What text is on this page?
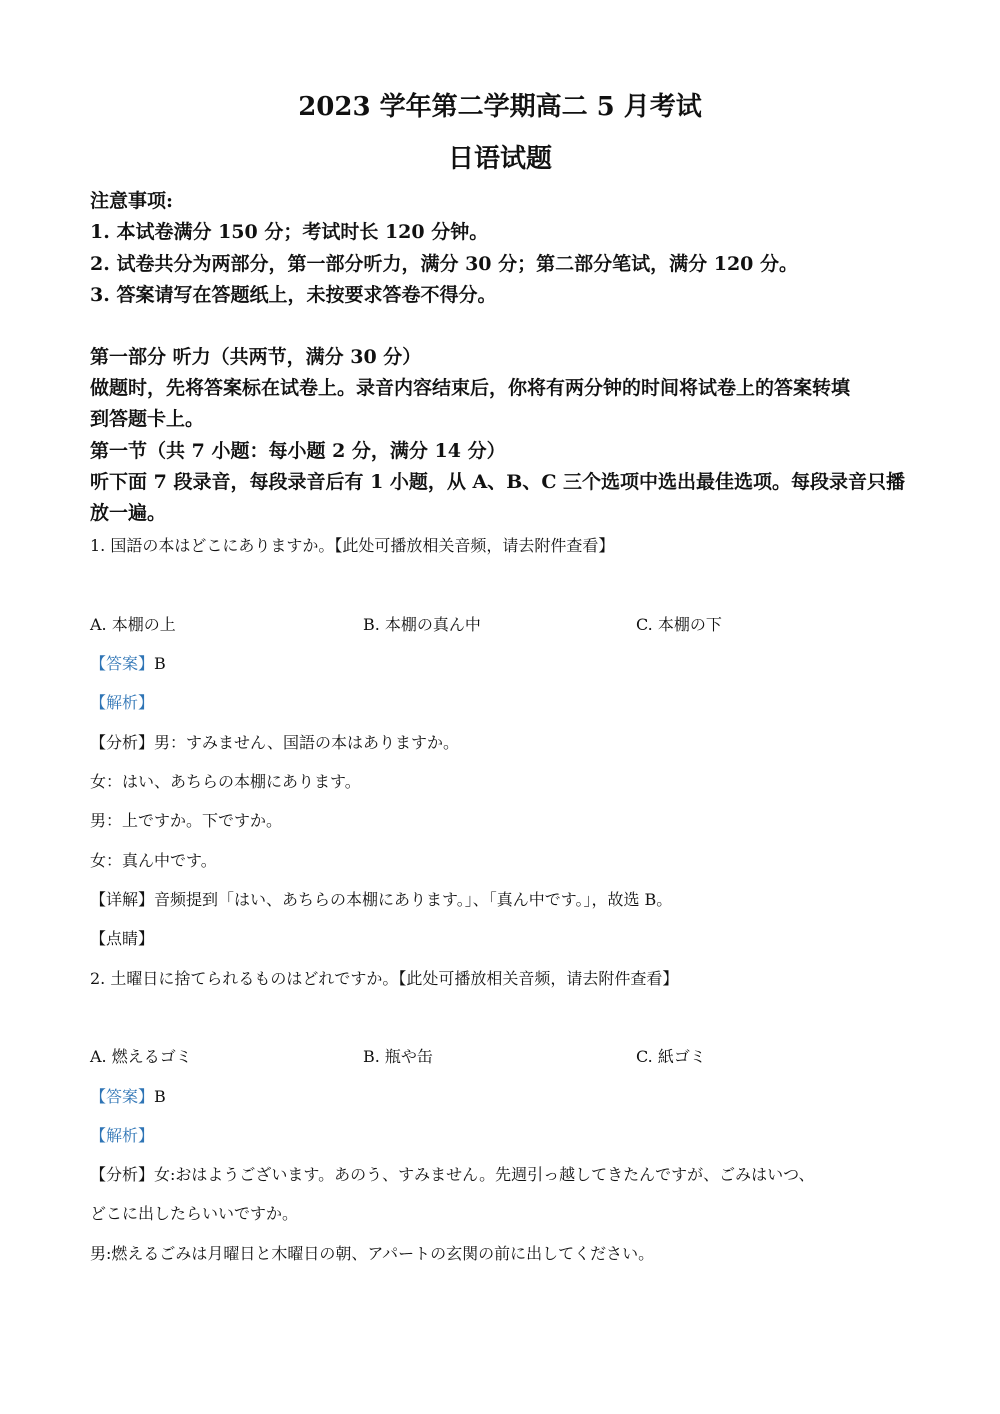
2023 学年第二学期高二 5 月考试
日语试题
注意事项:
1. 本试卷满分 150 分；考试时长 120 分钟。
2. 试卷共分为两部分，第一部分听力，满分 30 分；第二部分笔试，满分 120 分。
3. 答案请写在答题纸上，未按要求答卷不得分。
第一部分 听力（共两节，满分 30 分）
做题时，先将答案标在试卷上。录音内容结束后，你将有两分钟的时间将试卷上的答案转填
到答题卡上。
第一节（共 7 小题：每小题 2 分，满分 14 分）
听下面 7 段录音，每段录音后有 1 小题，从 A、B、C 三个选项中选出最佳选项。每段录音只播
放一遍。
1. 国語の本はどこにありますか。【此处可播放相关音频，请去附件查看】
A. 本棚の上	B. 本棚の真ん中	C. 本棚の下
【答案】B
【解析】
【分析】男：すみません、国語の本はありますか。
女：はい、あちらの本棚にあります。
男：上ですか。下ですか。
女：真ん中です。
【详解】音频提到「はい、あちらの本棚にあります。」、「真ん中です。」，故选 B。
【点睛】
2. 土曜日に捨てられるものはどれですか。【此处可播放相关音频，请去附件查看】
A. 燃えるゴミ	B. 瓶や缶	C. 紙ゴミ
【答案】B
【解析】
【分析】女:おはようございます。あのう、すみません。先週引っ越してきたんですが、ごみはいつ、
どこに出したらいいですか。
男:燃えるごみは月曜日と木曜日の朝、アパートの玄関の前に出してください。
